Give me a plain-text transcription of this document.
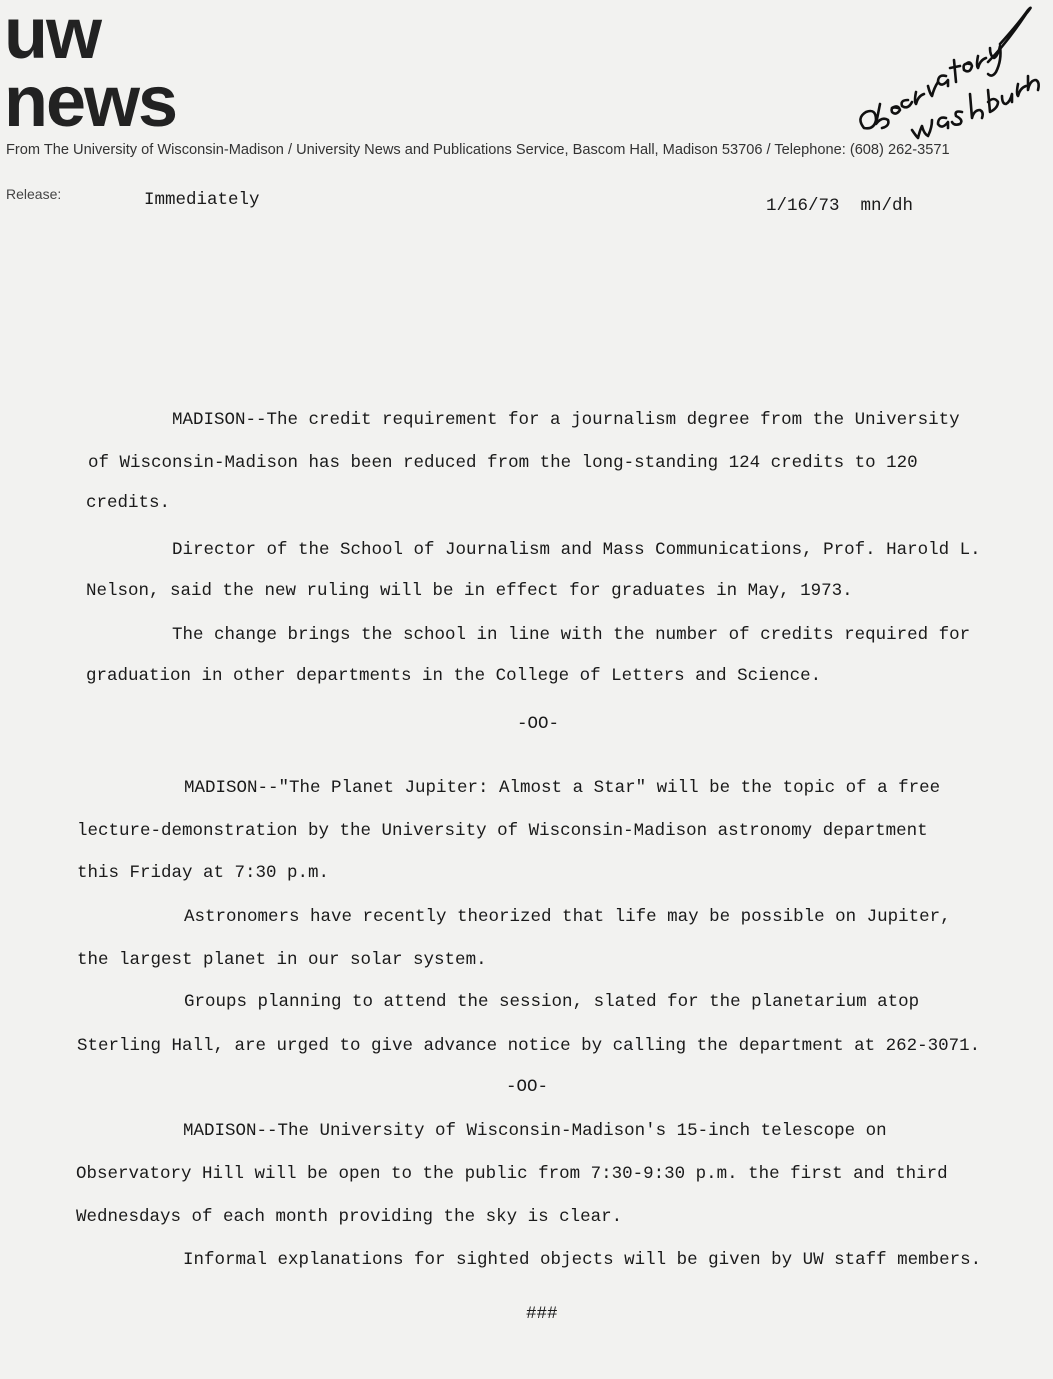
uw
news
From The University of Wisconsin-Madison / University News and Publications Service, Bascom Hall, Madison 53706 / Telephone: (608) 262-3571
Release:	Immediately	1/16/73  mn/dh
MADISON--The credit requirement for a journalism degree from the University
of Wisconsin-Madison has been reduced from the long-standing 124 credits to 120
credits.
Director of the School of Journalism and Mass Communications, Prof. Harold L.
Nelson, said the new ruling will be in effect for graduates in May, 1973.
The change brings the school in line with the number of credits required for
graduation in other departments in the College of Letters and Science.
-OO-
MADISON--"The Planet Jupiter: Almost a Star" will be the topic of a free
lecture-demonstration by the University of Wisconsin-Madison astronomy department
this Friday at 7:30 p.m.
Astronomers have recently theorized that life may be possible on Jupiter,
the largest planet in our solar system.
Groups planning to attend the session, slated for the planetarium atop
Sterling Hall, are urged to give advance notice by calling the department at 262-3071.
-OO-
MADISON--The University of Wisconsin-Madison's 15-inch telescope on
Observatory Hill will be open to the public from 7:30-9:30 p.m. the first and third
Wednesdays of each month providing the sky is clear.
Informal explanations for sighted objects will be given by UW staff members.
###
